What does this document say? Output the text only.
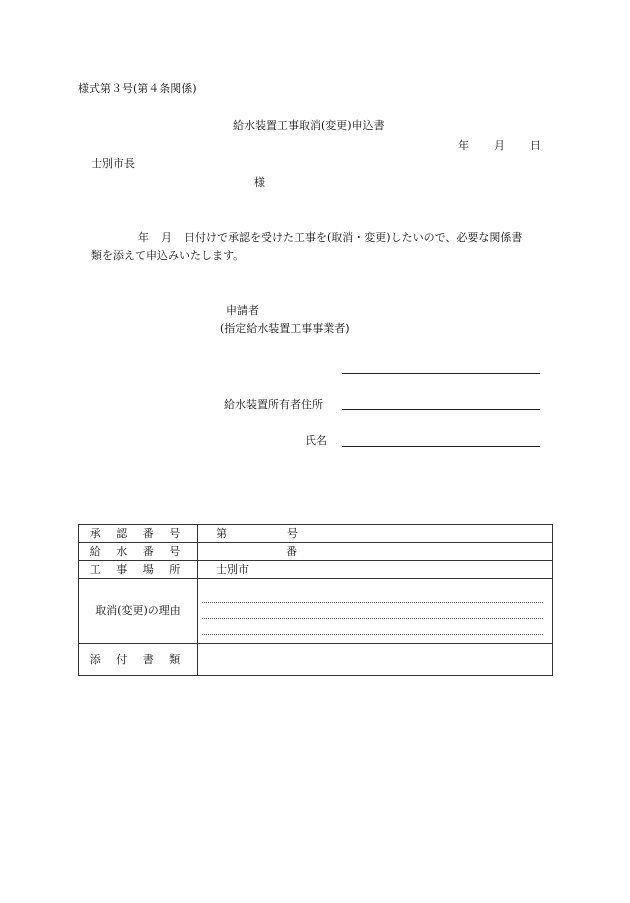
様式第３号(第４条関係)
給水装置工事取消(変更)申込書
年 月 日
士別市長
様
年 月 日付けで承認を受けた工事を(取消・変更)したいので、必要な関係書
類を添えて申込みいたします。
申請者
(指定給水装置工事事業者)
給水装置所有者住所
氏名
承 認 番 号	第 号
給 水 番 号	番
工 事 場 所	士別市
取消(変更)の理由	

添 付 書 類	
